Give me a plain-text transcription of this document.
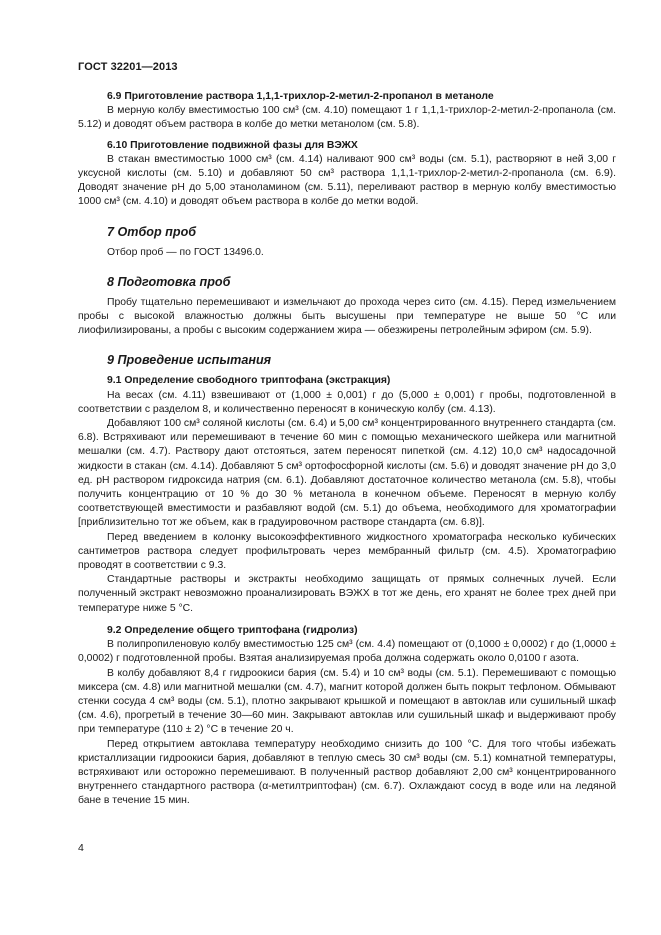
ГОСТ 32201—2013
6.9 Приготовление раствора 1,1,1-трихлор-2-метил-2-пропанол в метаноле

В мерную колбу вместимостью 100 см³ (см. 4.10) помещают 1 г 1,1,1-трихлор-2-метил-2-пропанола (см. 5.12) и доводят объем раствора в колбе до метки метанолом (см. 5.8).

6.10 Приготовление подвижной фазы для ВЭЖХ

В стакан вместимостью 1000 см³ (см. 4.14) наливают 900 см³ воды (см. 5.1), растворяют в ней 3,00 г уксусной кислоты (см. 5.10) и добавляют 50 см³ раствора 1,1,1-трихлор-2-метил-2-пропанола (см. 6.9). Доводят значение pH до 5,00 этаноламином (см. 5.11), переливают раствор в мерную колбу вместимостью 1000 см³ (см. 4.10) и доводят объем раствора в колбе до метки водой.

7 Отбор проб

Отбор проб — по ГОСТ 13496.0.

8 Подготовка проб

Пробу тщательно перемешивают и измельчают до прохода через сито (см. 4.15). Перед измельчением пробы с высокой влажностью должны быть высушены при температуре не выше 50 °С или лиофилизированы, а пробы с высоким содержанием жира — обезжирены петролейным эфиром (см. 5.9).

9 Проведение испытания
9.1 Определение свободного триптофана (экстракция)

На весах (см. 4.11) взвешивают от (1,000 ± 0,001) г до (5,000 ± 0,001) г пробы, подготовленной в соответствии с разделом 8, и количественно переносят в коническую колбу (см. 4.13).

Добавляют 100 см³ соляной кислоты (см. 6.4) и 5,00 см³ концентрированного внутреннего стандарта (см. 6.8). Встряхивают или перемешивают в течение 60 мин с помощью механического шейкера или магнитной мешалки (см. 4.7). Раствору дают отстояться, затем переносят пипеткой (см. 4.12) 10,0 см³ надосадочной жидкости в стакан (см. 4.14). Добавляют 5 см³ ортофосфорной кислоты (см. 5.6) и доводят значение pH до 3,0 ед. pH раствором гидроксида натрия (см. 6.1). Добавляют достаточное количество метанола (см. 5.8), чтобы получить концентрацию от 10 % до 30 % метанола в конечном объеме. Переносят в мерную колбу соответствующей вместимости и разбавляют водой (см. 5.1) до объема, необходимого для хроматографии [приблизительно тот же объем, как в градуировочном растворе стандарта (см. 6.8)].

Перед введением в колонку высокоэффективного жидкостного хроматографа несколько кубических сантиметров раствора следует профильтровать через мембранный фильтр (см. 4.5). Хроматографию проводят в соответствии с 9.3.

Стандартные растворы и экстракты необходимо защищать от прямых солнечных лучей. Если полученный экстракт невозможно проанализировать ВЭЖХ в тот же день, его хранят не более трех дней при температуре ниже 5 °С.

9.2 Определение общего триптофана (гидролиз)

В полипропиленовую колбу вместимостью 125 см³ (см. 4.4) помещают от (0,1000 ± 0,0002) г до (1,0000 ± 0,0002) г подготовленной пробы. Взятая анализируемая проба должна содержать около 0,0100 г азота.

В колбу добавляют 8,4 г гидроокиси бария (см. 5.4) и 10 см³ воды (см. 5.1). Перемешивают с помощью миксера (см. 4.8) или магнитной мешалки (см. 4.7), магнит которой должен быть покрыт тефлоном. Обмывают стенки сосуда 4 см³ воды (см. 5.1), плотно закрывают крышкой и помещают в автоклав или сушильный шкаф (см. 4.6), прогретый в течение 30—60 мин. Закрывают автоклав или сушильный шкаф и выдерживают пробу при температуре (110 ± 2) °С в течение 20 ч.

Перед открытием автоклава температуру необходимо снизить до 100 °С. Для того чтобы избежать кристаллизации гидроокиси бария, добавляют в теплую смесь 30 см³ воды (см. 5.1) комнатной температуры, встряхивают или осторожно перемешивают. В полученный раствор добавляют 2,00 см³ концентрированного внутреннего стандартного раствора (α-метилтриптофан) (см. 6.7). Охлаждают сосуд в воде или на ледяной бане в течение 15 мин.

4
